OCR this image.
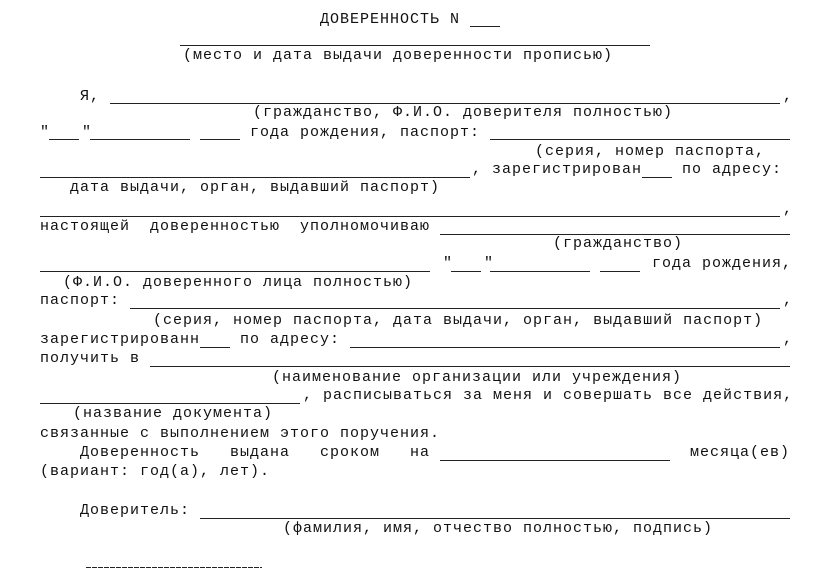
ДОВЕРЕННОСТЬ N
(место и дата выдачи доверенности прописью)
Я,	,
(гражданство, Ф.И.О. доверителя полностью)
" "	года рождения, паспорт:
(серия, номер паспорта,
, зарегистрирован	по адресу:
дата выдачи, орган, выдавший паспорт)
,
настоящей  доверенностью  уполномочиваю
(гражданство)
" "	года рождения,
(Ф.И.О. доверенного лица полностью)
паспорт:	,
(серия, номер паспорта, дата выдачи, орган, выдавший паспорт)
зарегистрированн	по адресу:	,
получить в
(наименование организации или учреждения)
, расписываться за меня и совершать все действия,
(название документа)
связанные с выполнением этого поручения.
Доверенность   выдана   сроком   на	месяца(ев)
(вариант: год(а), лет).
Доверитель:
(фамилия, имя, отчество полностью, подпись)
